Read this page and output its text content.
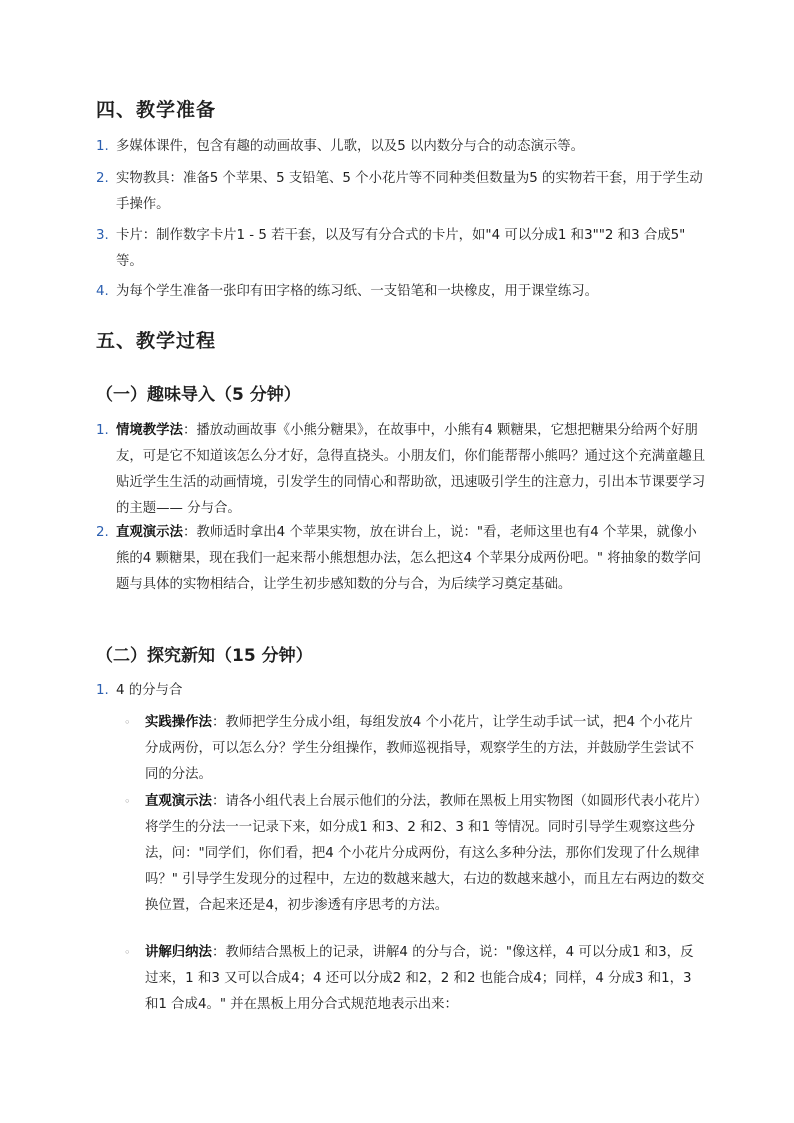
四、教学准备
1. 多媒体课件，包含有趣的动画故事、儿歌，以及5 以内数分与合的动态演示等。
2. 实物教具：准备5 个苹果、5 支铅笔、5 个小花片等不同种类但数量为5 的实物若干套，用于学生动手操作。
3. 卡片：制作数字卡片1 - 5 若干套，以及写有分合式的卡片，如"4 可以分成1 和3""2 和3 合成5" 等。
4. 为每个学生准备一张印有田字格的练习纸、一支铅笔和一块橡皮，用于课堂练习。
五、教学过程
（一）趣味导入（5 分钟）
1. 情境教学法：播放动画故事《小熊分糖果》，在故事中，小熊有4 颗糖果，它想把糖果分给两个好朋友，可是它不知道该怎么分才好，急得直挠头。小朋友们，你们能帮帮小熊吗？通过这个充满童趣且贴近学生生活的动画情境，引发学生的同情心和帮助欲，迅速吸引学生的注意力，引出本节课要学习的主题—— 分与合。
2. 直观演示法：教师适时拿出4 个苹果实物，放在讲台上，说："看，老师这里也有4 个苹果，就像小熊的4 颗糖果，现在我们一起来帮小熊想想办法，怎么把这4 个苹果分成两份吧。" 将抽象的数学问题与具体的实物相结合，让学生初步感知数的分与合，为后续学习奠定基础。
（二）探究新知（15 分钟）
1. 4 的分与合
◦	实践操作法：教师把学生分成小组，每组发放4 个小花片，让学生动手试一试，把4 个小花片分成两份，可以怎么分？学生分组操作，教师巡视指导，观察学生的方法，并鼓励学生尝试不同的分法。
◦	直观演示法：请各小组代表上台展示他们的分法，教师在黑板上用实物图（如圆形代表小花片）将学生的分法一一记录下来，如分成1 和3、2 和2、3 和1 等情况。同时引导学生观察这些分法，问："同学们，你们看，把4 个小花片分成两份，有这么多种分法，那你们发现了什么规律吗？" 引导学生发现分的过程中，左边的数越来越大，右边的数越来越小，而且左右两边的数交换位置，合起来还是4，初步渗透有序思考的方法。
◦	讲解归纳法：教师结合黑板上的记录，讲解4 的分与合，说："像这样，4 可以分成1 和3，反过来，1 和3 又可以合成4；4 还可以分成2 和2，2 和2 也能合成4；同样，4 分成3 和1，3 和1 合成4。" 并在黑板上用分合式规范地表示出来：
